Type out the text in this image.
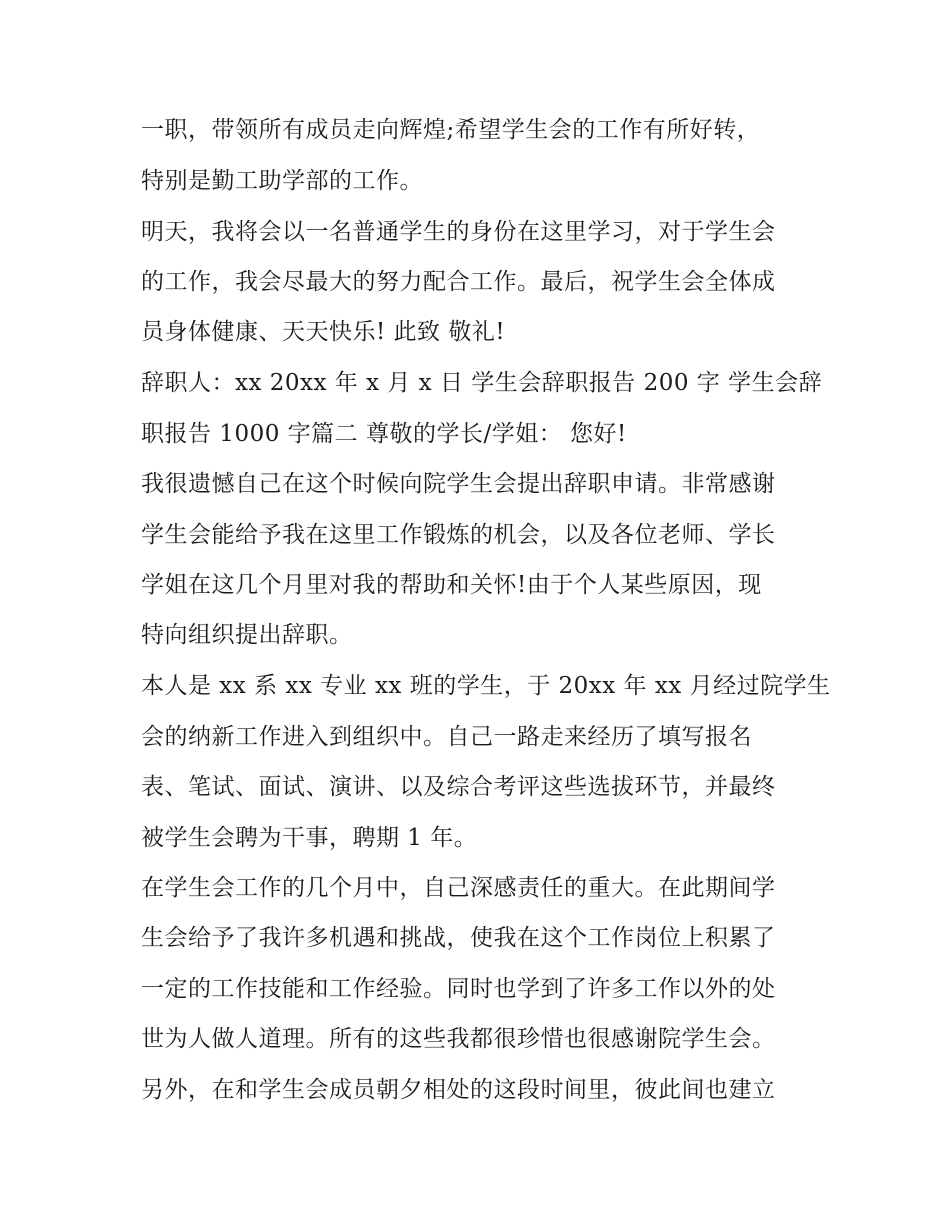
一职，带领所有成员走向辉煌;希望学生会的工作有所好转，
特别是勤工助学部的工作。
明天，我将会以一名普通学生的身份在这里学习，对于学生会
的工作，我会尽最大的努力配合工作。最后，祝学生会全体成
员身体健康、天天快乐! 此致 敬礼!
辞职人：xx 20xx 年 x 月 x 日 学生会辞职报告 200 字 学生会辞
职报告 1000 字篇二 尊敬的学长/学姐： 您好!
我很遗憾自己在这个时候向院学生会提出辞职申请。非常感谢
学生会能给予我在这里工作锻炼的机会，以及各位老师、学长
学姐在这几个月里对我的帮助和关怀!由于个人某些原因，现
特向组织提出辞职。
本人是 xx 系 xx 专业 xx 班的学生，于 20xx 年 xx 月经过院学生
会的纳新工作进入到组织中。自己一路走来经历了填写报名
表、笔试、面试、演讲、以及综合考评这些选拔环节，并最终
被学生会聘为干事，聘期 1 年。
在学生会工作的几个月中，自己深感责任的重大。在此期间学
生会给予了我许多机遇和挑战，使我在这个工作岗位上积累了
一定的工作技能和工作经验。同时也学到了许多工作以外的处
世为人做人道理。所有的这些我都很珍惜也很感谢院学生会。
另外，在和学生会成员朝夕相处的这段时间里，彼此间也建立
